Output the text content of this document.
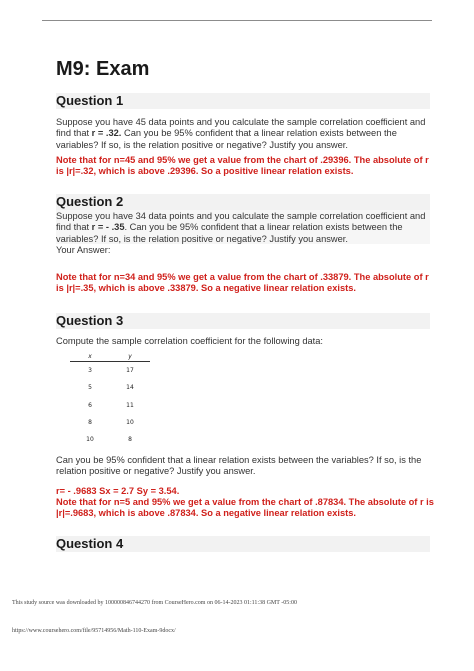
M9: Exam
Question 1

Suppose you have 45 data points and you calculate the sample correlation coefficient and find that r = .32. Can you be 95% confident that a linear relation exists between the variables? If so, is the relation positive or negative? Justify you answer.

Note that for n=45 and 95% we get a value from the chart of .29396. The absolute of r is |r|=.32, which is above .29396. So a positive linear relation exists.

Question 2

Suppose you have 34 data points and you calculate the sample correlation coefficient and find that r = - .35. Can you be 95% confident that a linear relation exists between the variables? If so, is the relation positive or negative? Justify you answer.

Your Answer:

Note that for n=34 and 95% we get a value from the chart of .33879. The absolute of r is |r|=.35, which is above .33879. So a negative linear relation exists.

Question 3

Compute the sample correlation coefficient for the following data:

x	y
3	17
5	14
6	11
8	10
10	8

Can you be 95% confident that a linear relation exists between the variables? If so, is the relation positive or negative? Justify you answer.

r= - .9683 Sx = 2.7 Sy = 3.54.

Note that for n=5 and 95% we get a value from the chart of .87834. The absolute of r is |r|=.9683, which is above .87834. So a negative linear relation exists.

Question 4
This study source was downloaded by 100000846744270 from CourseHero.com on 06-14-2023 01:11:38 GMT -05:00
https://www.coursehero.com/file/95714956/Math-110-Exam-9docx/
